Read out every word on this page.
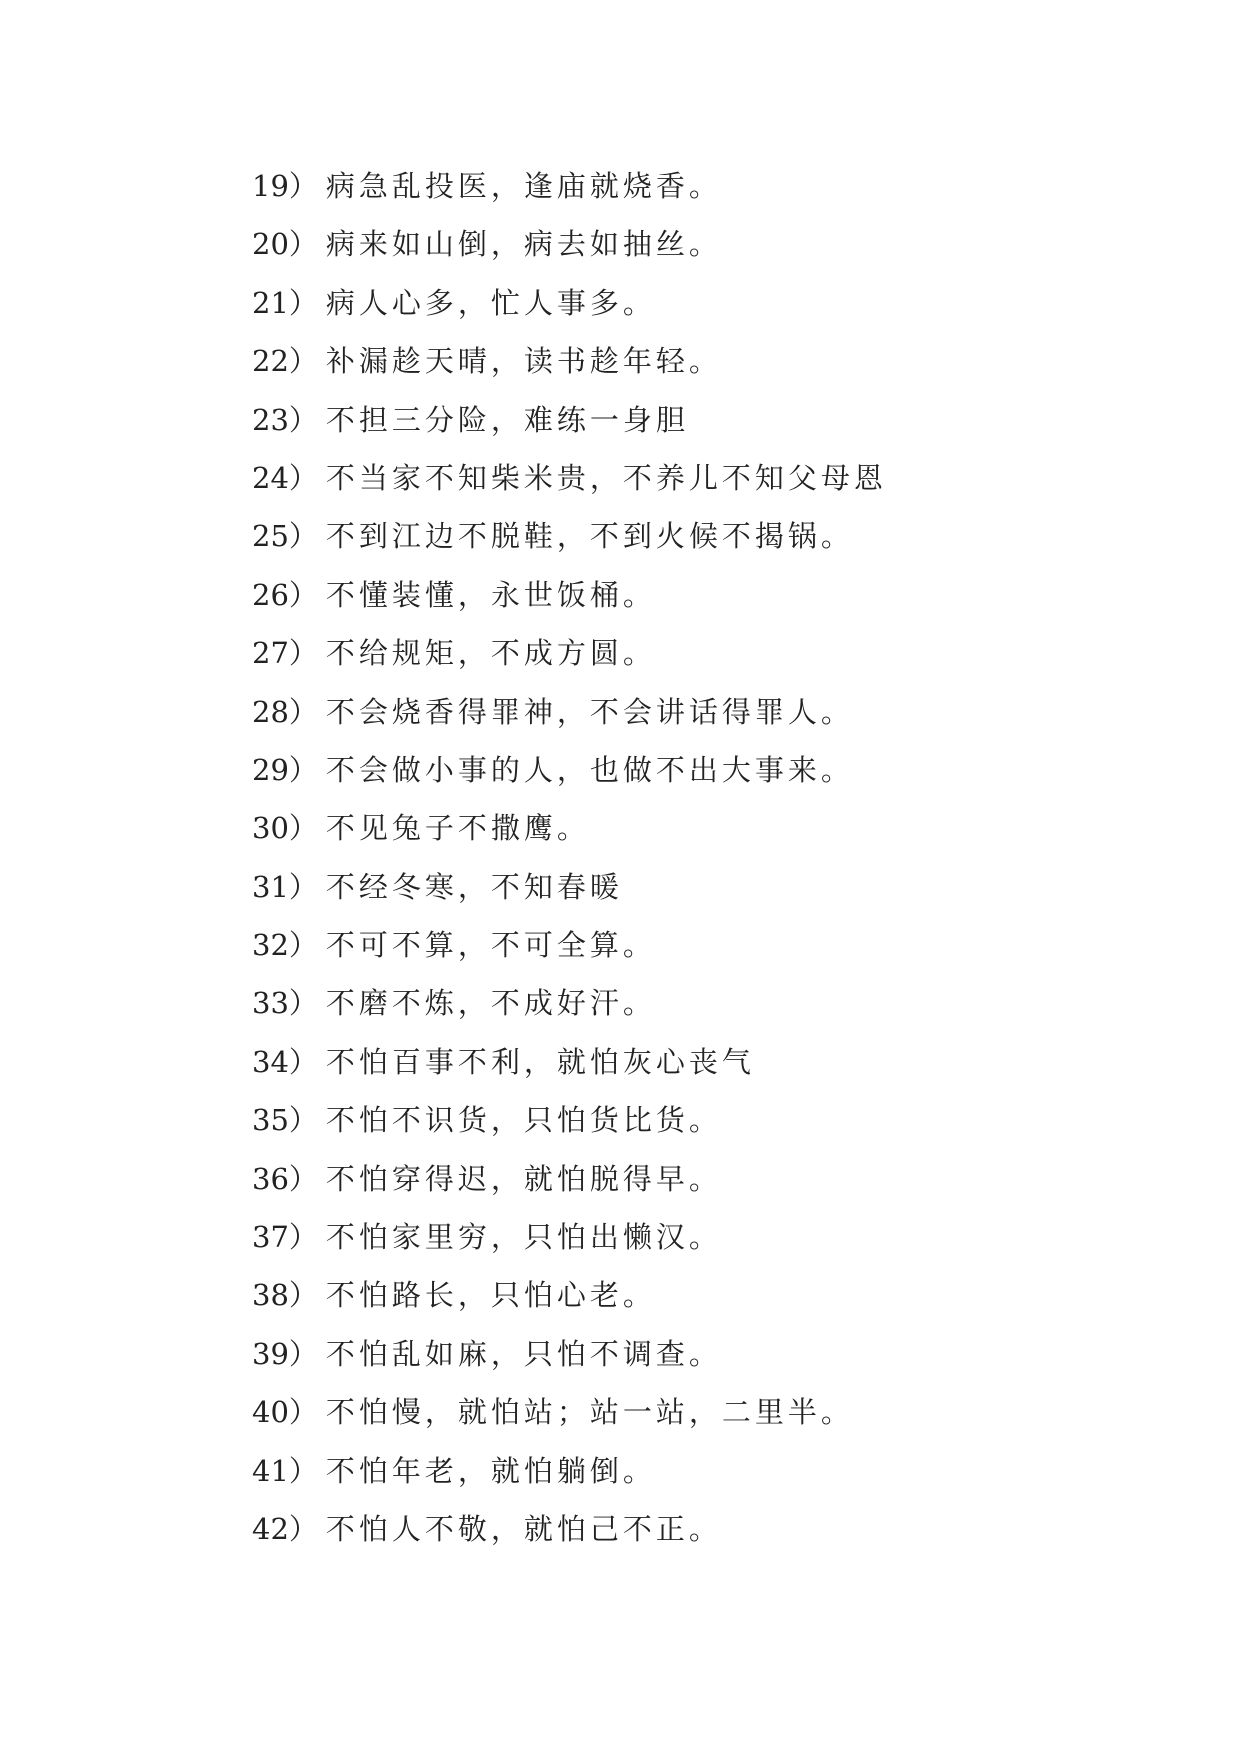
19） 病急乱投医，逢庙就烧香。
20） 病来如山倒，病去如抽丝。
21） 病人心多，忙人事多。
22） 补漏趁天晴，读书趁年轻。
23） 不担三分险，难练一身胆
24） 不当家不知柴米贵，不养儿不知父母恩
25） 不到江边不脱鞋，不到火候不揭锅。
26） 不懂装懂，永世饭桶。
27） 不给规矩，不成方圆。
28） 不会烧香得罪神，不会讲话得罪人。
29） 不会做小事的人，也做不出大事来。
30） 不见兔子不撒鹰。
31） 不经冬寒，不知春暖
32） 不可不算，不可全算。
33） 不磨不炼，不成好汗。
34） 不怕百事不利，就怕灰心丧气
35） 不怕不识货，只怕货比货。
36） 不怕穿得迟，就怕脱得早。
37） 不怕家里穷，只怕出懒汉。
38） 不怕路长，只怕心老。
39） 不怕乱如麻，只怕不调查。
40） 不怕慢，就怕站；站一站，二里半。
41） 不怕年老，就怕躺倒。
42） 不怕人不敬，就怕己不正。
